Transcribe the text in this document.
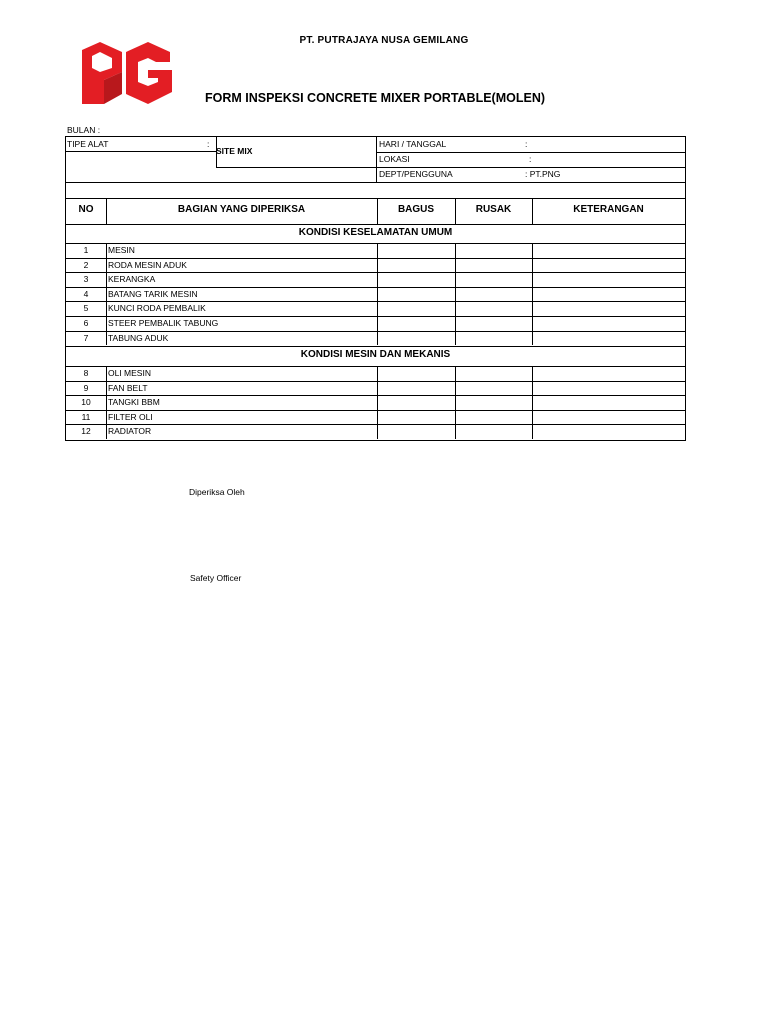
PT. PUTRAJAYA NUSA GEMILANG
FORM INSPEKSI CONCRETE MIXER PORTABLE(MOLEN)
BULAN :
TIPE ALAT	:
SITE MIX
HARI / TANGGAL	:
LOKASI	:
DEPT/PENGGUNA	: PT.PNG
NO	BAGIAN YANG DIPERIKSA	BAGUS	RUSAK	KETERANGAN
KONDISI KESELAMATAN UMUM
1	MESIN
2	RODA MESIN ADUK
3	KERANGKA
4	BATANG TARIK MESIN
5	KUNCI RODA PEMBALIK
6	STEER PEMBALIK TABUNG
7	TABUNG ADUK
KONDISI MESIN DAN MEKANIS
8	OLI MESIN
9	FAN BELT
10	TANGKI BBM
11	FILTER OLI
12	RADIATOR
Diperiksa Oleh
Safety Officer
